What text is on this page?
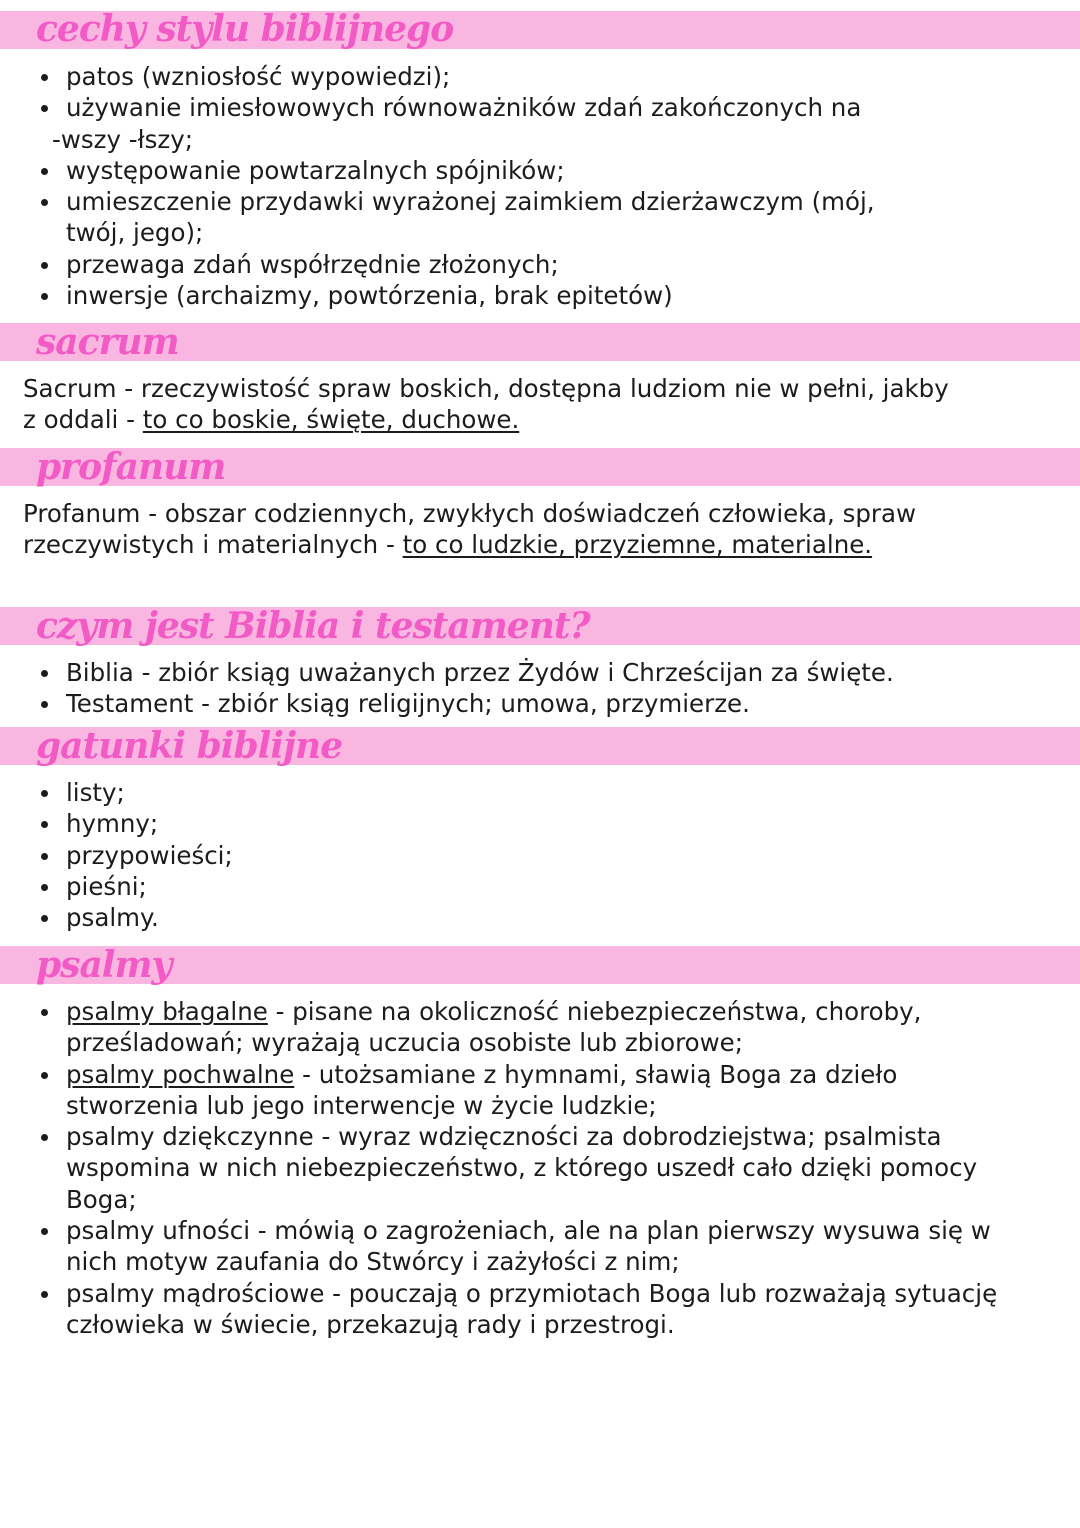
cechy stylu biblijnego
patos (wzniosłość wypowiedzi);
używanie imiesłowowych równoważników zdań zakończonych na
-wszy -łszy;
występowanie powtarzalnych spójników;
umieszczenie przydawki wyrażonej zaimkiem dzierżawczym (mój, twój, jego);
przewaga zdań współrzędnie złożonych;
inwersje (archaizmy, powtórzenia, brak epitetów)
sacrum

Sacrum - rzeczywistość spraw boskich, dostępna ludziom nie w pełni, jakby z oddali - to co boskie, święte, duchowe.

profanum

Profanum - obszar codziennych, zwykłych doświadczeń człowieka, spraw rzeczywistych i materialnych - to co ludzkie, przyziemne, materialne.

czym jest Biblia i testament?
Biblia - zbiór ksiąg uważanych przez Żydów i Chrześcijan za święte.
Testament - zbiór ksiąg religijnych; umowa, przymierze.
gatunki biblijne
listy;
hymny;
przypowieści;
pieśni;
psalmy.
psalmy
psalmy błagalne - pisane na okoliczność niebezpieczeństwa, choroby, prześladowań; wyrażają uczucia osobiste lub zbiorowe;
psalmy pochwalne - utożsamiane z hymnami, sławią Boga za dzieło stworzenia lub jego interwencje w życie ludzkie;
psalmy dziękczynne - wyraz wdzięczności za dobrodziejstwa; psalmista wspomina w nich niebezpieczeństwo, z którego uszedł cało dzięki pomocy Boga;
psalmy ufności - mówią o zagrożeniach, ale na plan pierwszy wysuwa się w nich motyw zaufania do Stwórcy i zażyłości z nim;
psalmy mądrościowe - pouczają o przymiotach Boga lub rozważają sytuację człowieka w świecie, przekazują rady i przestrogi.
